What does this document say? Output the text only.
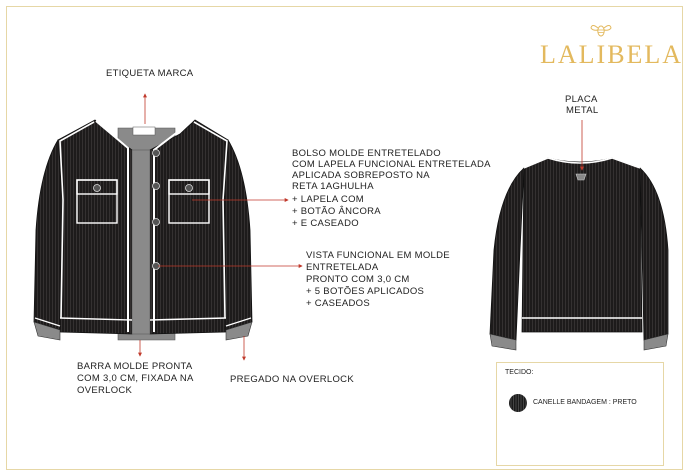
LALIBELA
ETIQUETA MARCA
BOLSO MOLDE ENTRETELADO
COM LAPELA FUNCIONAL ENTRETELADA
APLICADA SOBREPOSTO NA
RETA 1AGHULHA
+ LAPELA COM
+ BOTÃO ÂNCORA
+ E CASEADO
VISTA FUNCIONAL EM MOLDE
ENTRETELADA
PRONTO COM 3,0 CM
+ 5 BOTÕES APLICADOS
+ CASEADOS
BARRA MOLDE PRONTA
COM 3,0 CM, FIXADA NA
OVERLOCK
PREGADO NA OVERLOCK
PLACA
METAL
TECIDO:
CANELLE BANDAGEM : PRETO
